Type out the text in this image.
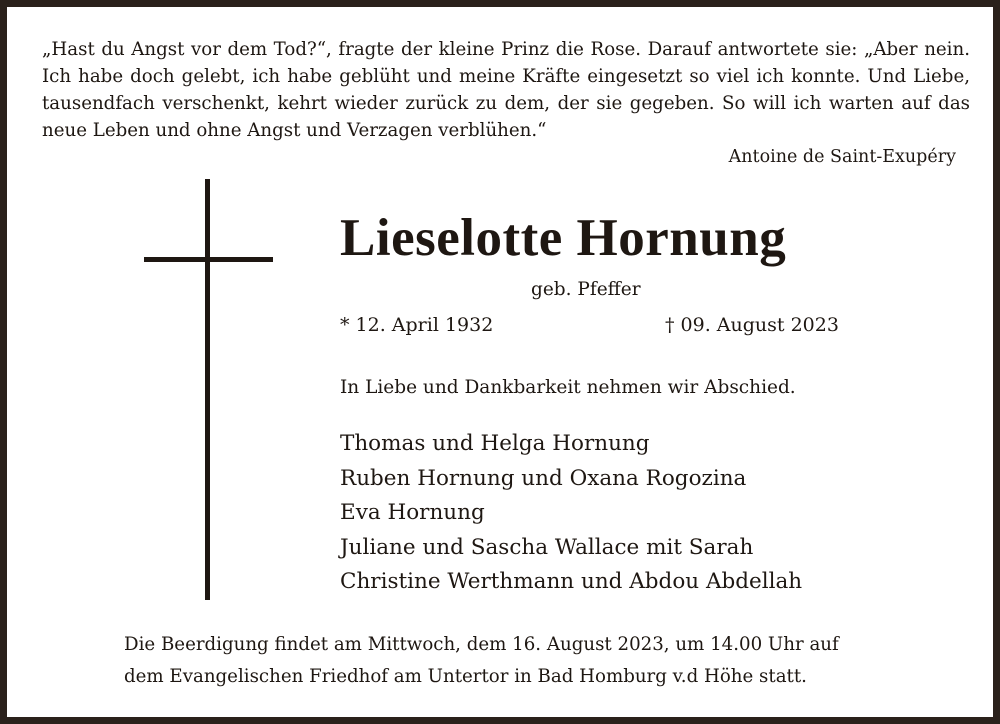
„Hast du Angst vor dem Tod?“, fragte der kleine Prinz die Rose. Darauf antwortete sie: „Aber nein. Ich habe doch gelebt, ich habe geblüht und meine Kräfte eingesetzt so viel ich konnte. Und Liebe, tausendfach verschenkt, kehrt wieder zurück zu dem, der sie gegeben. So will ich warten auf das neue Leben und ohne Angst und Verzagen verblühen.“

Antoine de Saint-Exupéry

Lieselotte Hornung

geb. Pfeffer

* 12. April 1932	† 09. August 2023

In Liebe und Dankbarkeit nehmen wir Abschied.

Thomas und Helga Hornung
Ruben Hornung und Oxana Rogozina
Eva Hornung
Juliane und Sascha Wallace mit Sarah
Christine Werthmann und Abdou Abdellah
Die Beerdigung findet am Mittwoch, dem 16. August 2023, um 14.00 Uhr auf
dem Evangelischen Friedhof am Untertor in Bad Homburg v.d Höhe statt.
